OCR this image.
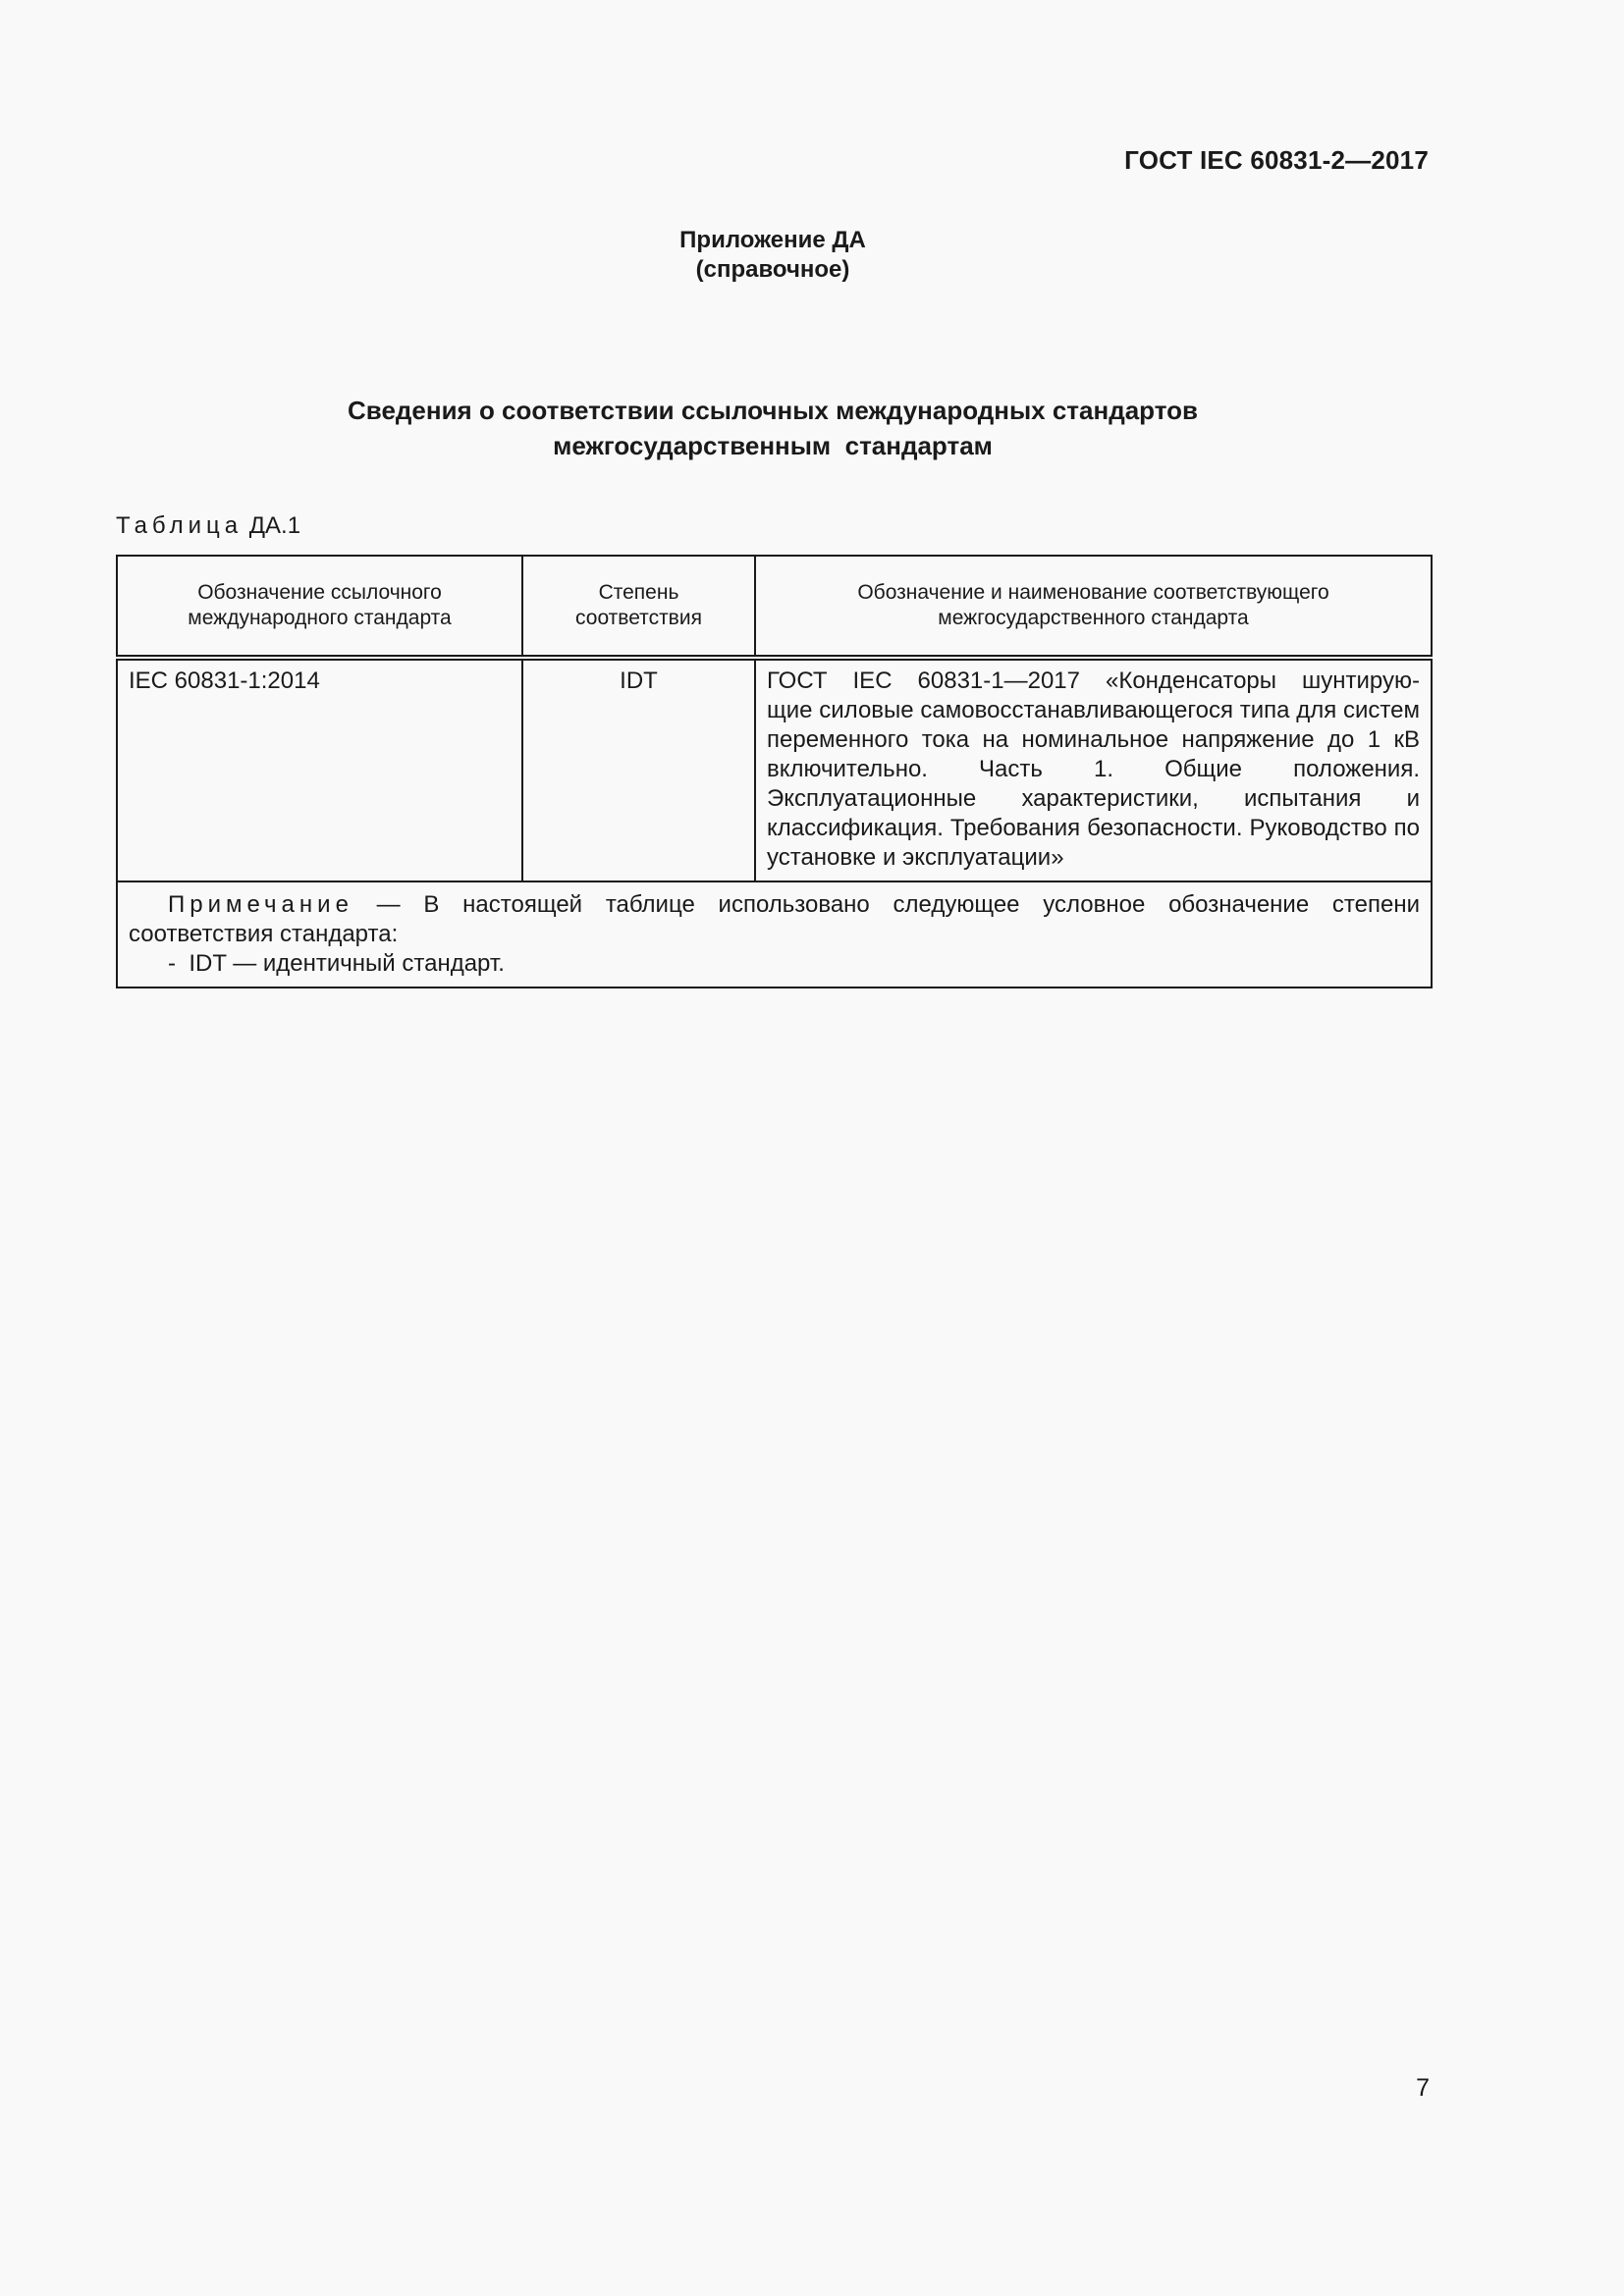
ГОСТ IEC 60831-2—2017
Приложение ДА
(справочное)
Сведения о соответствии ссылочных международных стандартов
межгосударственным  стандартам
Таблица ДА.1
Обозначение ссылочного международного стандарта	Степень соответствия	Обозначение и наименование соответствующего межгосударственного стандарта
IEC 60831-1:2014	IDT	ГОСТ IEC 60831-1—2017 «Конденсаторы шунтирую-
щие силовые самовосстанавливающегося типа для систем переменного тока на номинальное напряжение до 1 кВ включительно. Часть 1. Общие положения. Эксплуатационные характеристики, испытания и классификация. Требования безопасности. Руководство по установке и эксплуатации»

Примечание — В настоящей таблице использовано следующее условное обозначение степени
соответствия стандарта:
-  IDT — идентичный стандарт.		
7
